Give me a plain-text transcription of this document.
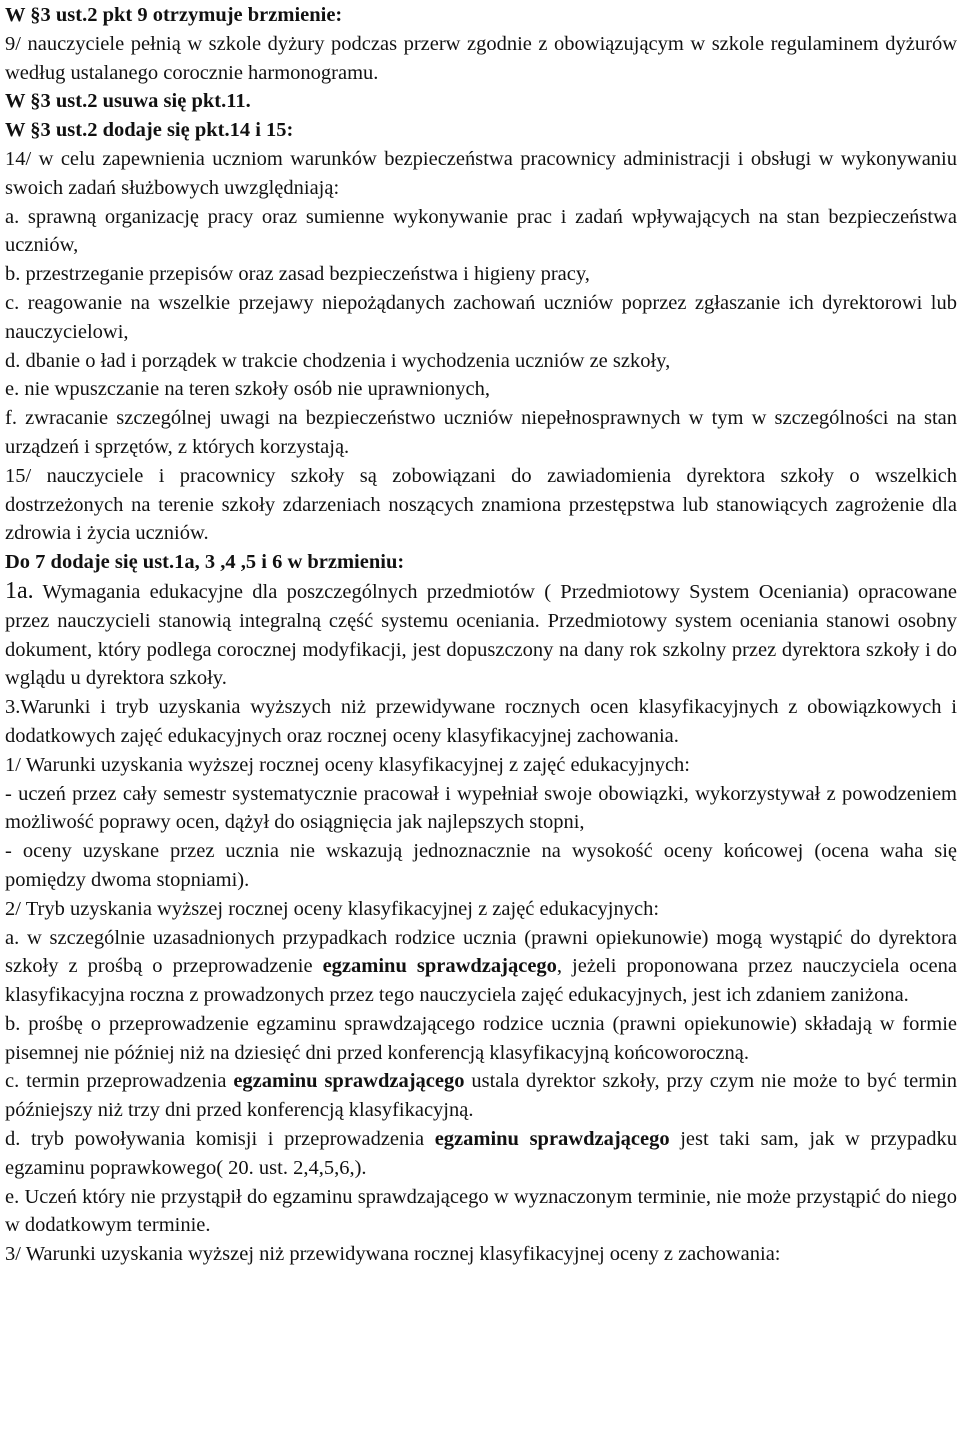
W §3 ust.2 pkt 9 otrzymuje brzmienie:

9/ nauczyciele pełnią w szkole dyżury podczas przerw zgodnie z obowiązującym w szkole regulaminem dyżurów według ustalanego corocznie harmonogramu.

W §3 ust.2 usuwa się pkt.11.

W §3 ust.2 dodaje się pkt.14 i 15:

14/ w celu zapewnienia uczniom warunków bezpieczeństwa pracownicy administracji i obsługi w wykonywaniu swoich zadań służbowych uwzględniają:

a. sprawną organizację pracy oraz sumienne wykonywanie prac i zadań wpływających na stan bezpieczeństwa uczniów,

b. przestrzeganie przepisów oraz zasad bezpieczeństwa i higieny pracy,

c. reagowanie na wszelkie przejawy niepożądanych zachowań uczniów poprzez zgłaszanie ich dyrektorowi lub nauczycielowi,

d. dbanie o ład i porządek w trakcie chodzenia i wychodzenia uczniów ze szkoły,

e. nie wpuszczanie na teren szkoły osób nie uprawnionych,

f. zwracanie szczególnej uwagi na bezpieczeństwo uczniów niepełnosprawnych w tym w szczególności na stan urządzeń i sprzętów, z których korzystają.

15/ nauczyciele i pracownicy szkoły są zobowiązani do zawiadomienia dyrektora szkoły o wszelkich dostrzeżonych na terenie szkoły zdarzeniach noszących znamiona przestępstwa lub stanowiących zagrożenie dla zdrowia i życia uczniów.

Do 7 dodaje się ust.1a, 3 ,4 ,5 i 6 w brzmieniu:

1a. Wymagania edukacyjne dla poszczególnych przedmiotów ( Przedmiotowy System Oceniania) opracowane przez nauczycieli stanowią integralną część systemu oceniania. Przedmiotowy system oceniania stanowi osobny dokument, który podlega corocznej modyfikacji, jest dopuszczony na dany rok szkolny przez dyrektora szkoły i do wglądu u dyrektora szkoły.

3.Warunki i tryb uzyskania wyższych niż przewidywane rocznych ocen klasyfikacyjnych z obowiązkowych i dodatkowych zajęć edukacyjnych oraz rocznej oceny klasyfikacyjnej zachowania.

1/ Warunki uzyskania wyższej rocznej oceny klasyfikacyjnej z zajęć edukacyjnych:

- uczeń przez cały semestr systematycznie pracował i wypełniał swoje obowiązki, wykorzystywał z powodzeniem możliwość poprawy ocen, dążył do osiągnięcia jak najlepszych stopni,

- oceny uzyskane przez ucznia nie wskazują jednoznacznie na wysokość oceny końcowej (ocena waha się pomiędzy dwoma stopniami).

2/ Tryb uzyskania wyższej rocznej oceny klasyfikacyjnej z zajęć edukacyjnych:

a. w szczególnie uzasadnionych przypadkach rodzice ucznia (prawni opiekunowie) mogą wystąpić do dyrektora szkoły z prośbą o przeprowadzenie egzaminu sprawdzającego, jeżeli proponowana przez nauczyciela ocena klasyfikacyjna roczna z prowadzonych przez tego nauczyciela zajęć edukacyjnych, jest ich zdaniem zaniżona.

b. prośbę o przeprowadzenie egzaminu sprawdzającego rodzice ucznia (prawni opiekunowie) składają w formie pisemnej nie później niż na dziesięć dni przed konferencją klasyfikacyjną końcoworoczną.

c. termin przeprowadzenia egzaminu sprawdzającego ustala dyrektor szkoły, przy czym nie może to być termin późniejszy niż trzy dni przed konferencją klasyfikacyjną.

d. tryb powoływania komisji i przeprowadzenia egzaminu sprawdzającego jest taki sam, jak w przypadku egzaminu poprawkowego( 20. ust. 2,4,5,6,).

e. Uczeń który nie przystąpił do egzaminu sprawdzającego w wyznaczonym terminie, nie może przystąpić do niego w dodatkowym terminie.

3/ Warunki uzyskania wyższej niż przewidywana rocznej klasyfikacyjnej oceny z zachowania:
